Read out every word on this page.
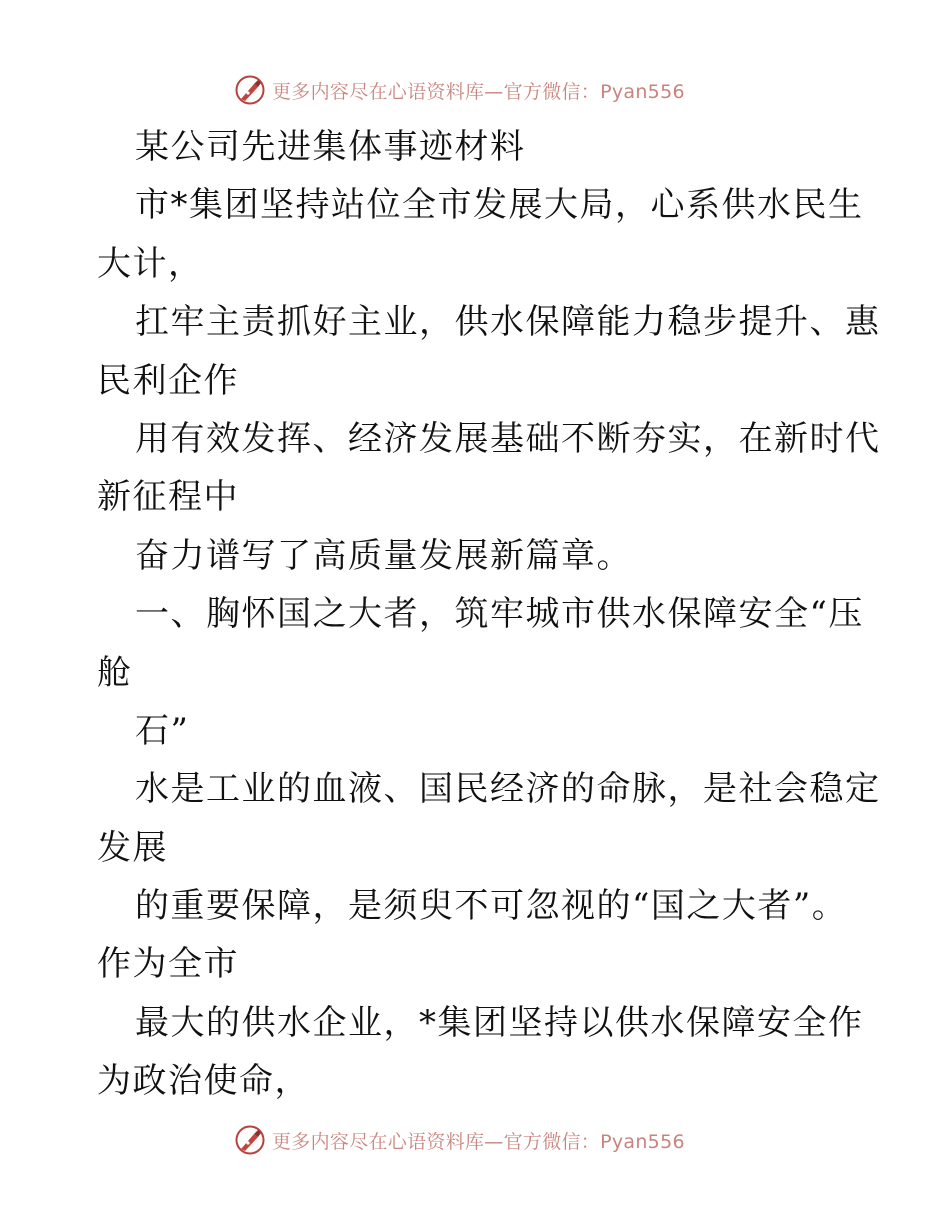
更多内容尽在心语资料库—官方微信：Pyan556
某公司先进集体事迹材料
市*集团坚持站位全市发展大局，心系供水民生
大计，
扛牢主责抓好主业，供水保障能力稳步提升、惠
民利企作
用有效发挥、经济发展基础不断夯实，在新时代
新征程中
奋力谱写了高质量发展新篇章。
一、胸怀国之大者，筑牢城市供水保障安全“压
舱
石”
水是工业的血液、国民经济的命脉，是社会稳定
发展
的重要保障，是须臾不可忽视的“国之大者”。
作为全市
最大的供水企业，*集团坚持以供水保障安全作
为政治使命，
更多内容尽在心语资料库—官方微信：Pyan556
